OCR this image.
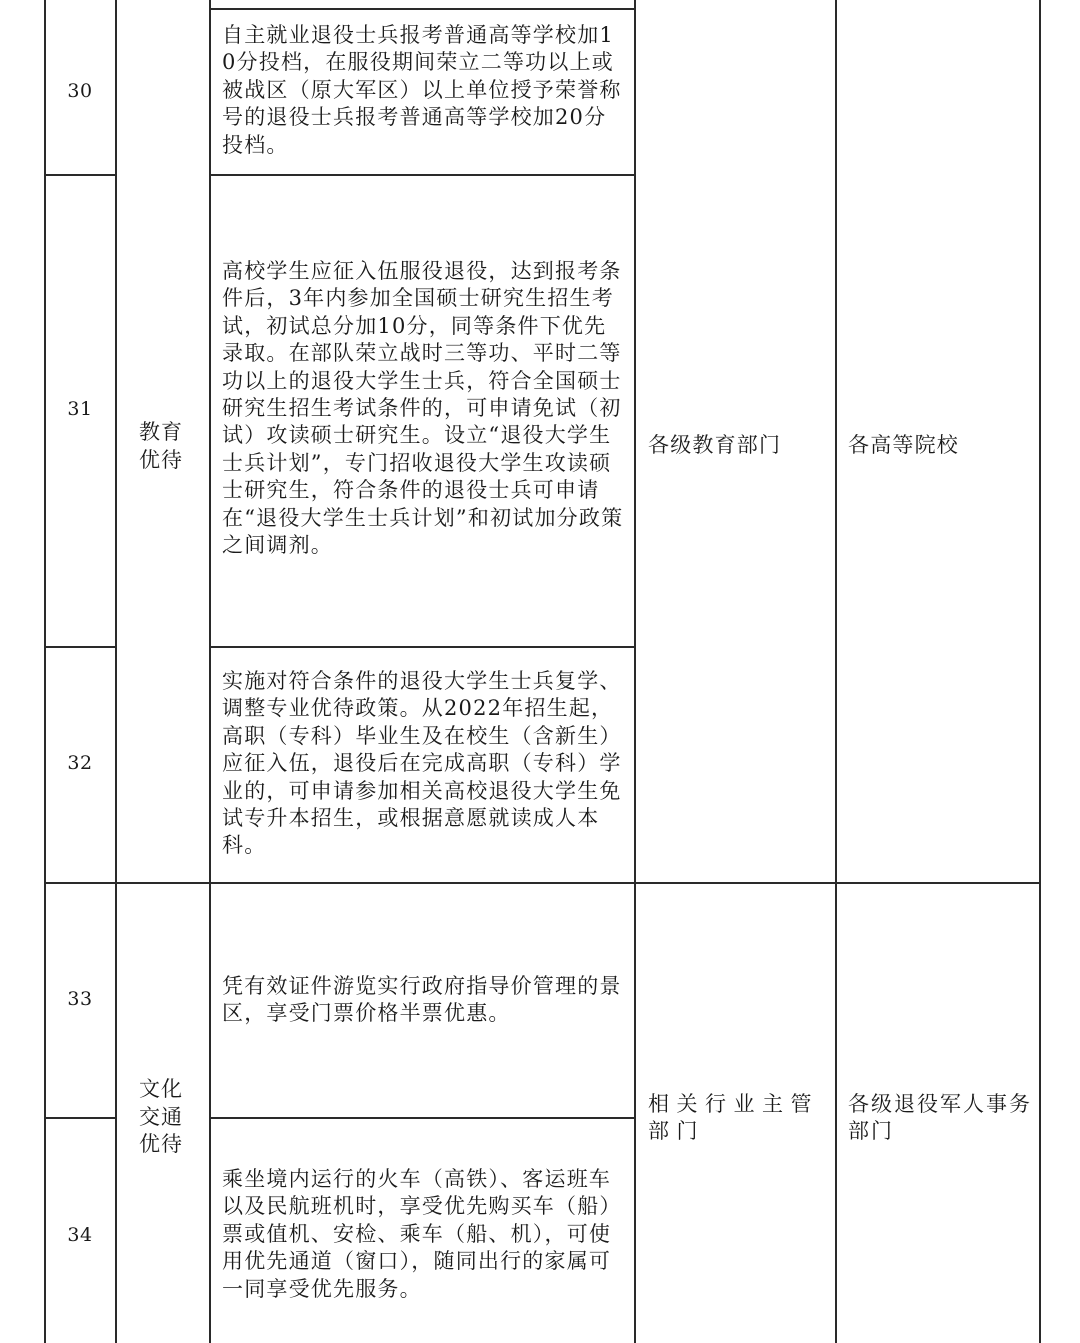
30
31
32
33
34
教育优待
文化交通优待
自主就业退役士兵报考普通高等学校加10分投档，在服役期间荣立二等功以上或被战区（原大军区）以上单位授予荣誉称号的退役士兵报考普通高等学校加20分投档。
高校学生应征入伍服役退役，达到报考条件后，3年内参加全国硕士研究生招生考试，初试总分加10分，同等条件下优先录取。在部队荣立战时三等功、平时二等功以上的退役大学生士兵，符合全国硕士研究生招生考试条件的，可申请免试（初试）攻读硕士研究生。设立“退役大学生士兵计划”，专门招收退役大学生攻读硕士研究生，符合条件的退役士兵可申请在“退役大学生士兵计划”和初试加分政策之间调剂。
实施对符合条件的退役大学生士兵复学、调整专业优待政策。从2022年招生起，高职（专科）毕业生及在校生（含新生）应征入伍，退役后在完成高职（专科）学业的，可申请参加相关高校退役大学生免试专升本招生，或根据意愿就读成人本科。
凭有效证件游览实行政府指导价管理的景区，享受门票价格半票优惠。
乘坐境内运行的火车（高铁）、客运班车以及民航班机时，享受优先购买车（船）票或值机、安检、乘车（船、机），可使用优先通道（窗口），随同出行的家属可一同享受优先服务。
各级教育部门
相关行业主管部门
各高等院校
各级退役军人事务部门
